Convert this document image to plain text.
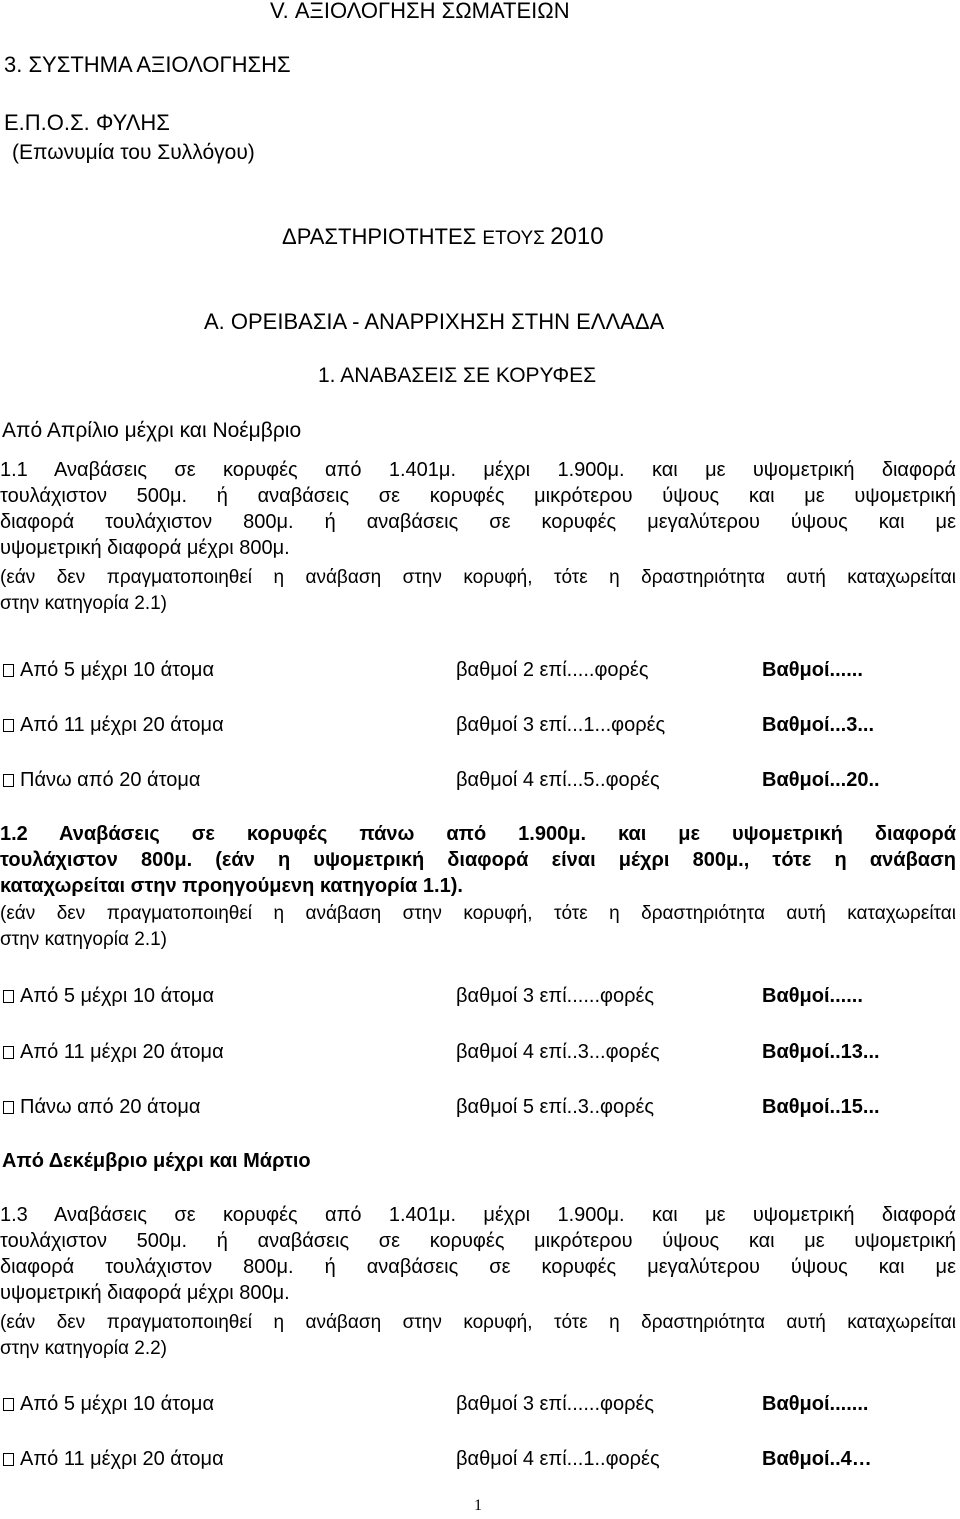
V. ΑΞΙΟΛΟΓΗΣΗ ΣΩΜΑΤΕΙΩΝ
3. ΣΥΣΤΗΜΑ ΑΞΙΟΛΟΓΗΣΗΣ
Ε.Π.Ο.Σ. ΦΥΛΗΣ
(Επωνυμία του Συλλόγου)
ΔΡΑΣΤΗΡΙΟΤΗΤΕΣ ΕΤΟΥΣ 2010
Α. ΟΡΕΙΒΑΣΙΑ - ΑΝΑΡΡΙΧΗΣΗ ΣΤΗΝ ΕΛΛΑΔΑ
1. ΑΝΑΒΑΣΕΙΣ ΣΕ ΚΟΡΥΦΕΣ
Από Απρίλιο μέχρι και Νοέμβριο
1.1 Αναβάσεις σε κορυφές από 1.401μ. μέχρι 1.900μ. και με υψομετρική διαφορά
τουλάχιστον 500μ. ή αναβάσεις σε κορυφές μικρότερου ύψους και με υψομετρική
διαφορά τουλάχιστον 800μ. ή αναβάσεις σε κορυφές μεγαλύτερου ύψους και με
υψομετρική διαφορά μέχρι 800μ.
(εάν δεν πραγματοποιηθεί η ανάβαση στην κορυφή, τότε η δραστηριότητα αυτή καταχωρείται
στην κατηγορία 2.1)
Από 5 μέχρι 10 άτομα	βαθμοί 2 επί.....φορές	Βαθμοί......
Από 11 μέχρι 20 άτομα	βαθμοί 3 επί...1...φορές	Βαθμοί...3...
Πάνω από 20 άτομα	βαθμοί 4 επί...5..φορές	Βαθμοί...20..
1.2 Αναβάσεις σε κορυφές πάνω από 1.900μ. και με υψομετρική διαφορά
τουλάχιστον 800μ. (εάν η υψομετρική διαφορά είναι μέχρι 800μ., τότε η ανάβαση
καταχωρείται στην προηγούμενη κατηγορία 1.1).
(εάν δεν πραγματοποιηθεί η ανάβαση στην κορυφή, τότε η δραστηριότητα αυτή καταχωρείται
στην κατηγορία 2.1)
Από 5 μέχρι 10 άτομα	βαθμοί 3 επί......φορές	Βαθμοί......
Από 11 μέχρι 20 άτομα	βαθμοί 4 επί..3...φορές	Βαθμοί..13...
Πάνω από 20 άτομα	βαθμοί 5 επί..3..φορές	Βαθμοί..15...
Από Δεκέμβριο μέχρι και Μάρτιο
1.3 Αναβάσεις σε κορυφές από 1.401μ. μέχρι 1.900μ. και με υψομετρική διαφορά
τουλάχιστον 500μ. ή αναβάσεις σε κορυφές μικρότερου ύψους και με υψομετρική
διαφορά τουλάχιστον 800μ. ή αναβάσεις σε κορυφές μεγαλύτερου ύψους και με
υψομετρική διαφορά μέχρι 800μ.
(εάν δεν πραγματοποιηθεί η ανάβαση στην κορυφή, τότε η δραστηριότητα αυτή καταχωρείται
στην κατηγορία 2.2)
Από 5 μέχρι 10 άτομα	βαθμοί 3 επί......φορές	Βαθμοί.......
Από 11 μέχρι 20 άτομα	βαθμοί 4 επί...1..φορές	Βαθμοί..4…
1
